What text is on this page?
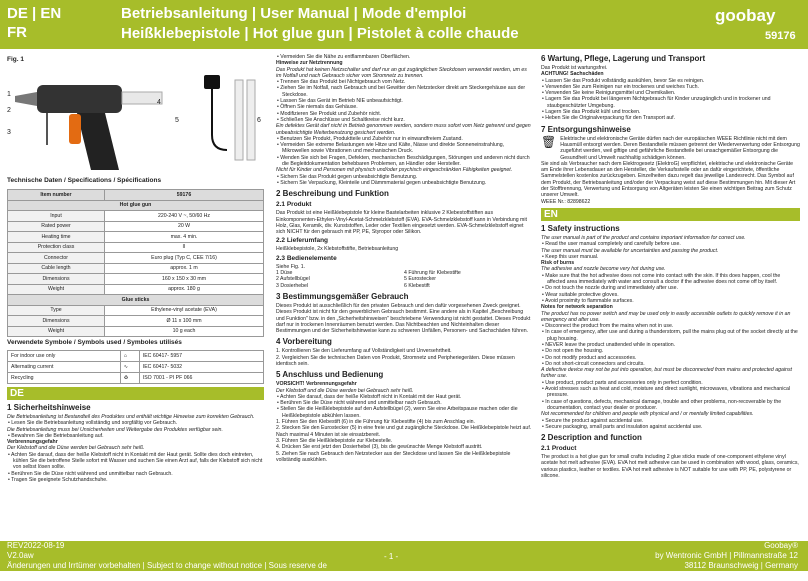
DE | EN
FR
Betriebsanleitung | User Manual | Mode d'emploi
Heißklebepistole | Hot glue gun | Pistolet à colle chaude
goobay
59176
Fig. 1
1
2
3
4
5	6
Technische Daten / Specifications / Spécifications
Item number	59176
Hot glue gun	
Input	220-240 V ~, 50/60 Hz
Rated power	20 W
Heating time	max. 4 min.
Protection class	II
Connector	Euro plug (Typ C, CEE 7/16)
Cable length	approx. 1 m
Dimensions	160 x 150 x 30 mm
Weight	approx. 180 g
Glue sticks	
Type	Ethylene-vinyl acetate (EVA)
Dimensions	Ø 11 x 100 mm
Weight	10 g each
Verwendete Symbole / Symbols used / Symboles utilisés
For indoor use only	⌂	IEC 60417- 5957
Alternating current	∿	IEC 60417- 5032
Recycling	♻	ISO 7001 - PI PF 066
DE
1 Sicherheitshinweise
Die Betriebsanleitung ist Bestandteil des Produktes und enthält wichtige Hinweise zum korrekten Gebrauch.
• Lesen Sie die Betriebsanleitung vollständig und sorgfältig vor Gebrauch.
Die Betriebsanleitung muss bei Unsicherheiten und Weitergabe des Produktes verfügbar sein.
• Bewahren Sie die Betriebsanleitung auf.
Verbrennungsgefahr
Der Klebstoff und die Düse werden bei Gebrauch sehr heiß.
• Achten Sie darauf, dass der heiße Klebstoff nicht in Kontakt mit der Haut gerät. Sollte dies doch eintreten, kühlen Sie die betroffene Stelle sofort mit Wasser und suchen Sie einen Arzt auf, falls der Klebstoff sich nicht von selbst lösen sollte.
• Berühren Sie die Düse nicht während und unmittelbar nach Gebrauch.
• Tragen Sie geeignete Schutzhandschuhe.
• Vermeiden Sie die Nähe zu entflammbaren Oberflächen.
Hinweise zur Netztrennung
Das Produkt hat keinen Netzschalter und darf nur an gut zugänglichen Steckdosen verwendet werden, um es im Notfall und nach Gebrauch sicher vom Stromnetz zu trennen.
• Trennen Sie das Produkt bei Nichtgebrauch vom Netz.
• Ziehen Sie im Notfall, nach Gebrauch und bei Gewitter den Netzstecker direkt am Steckergehäuse aus der Steckdose.
• Lassen Sie das Gerät im Betrieb NIE unbeaufsichtigt.
• Öffnen Sie niemals das Gehäuse.
• Modifizieren Sie Produkt und Zubehör nicht.
• Schließen Sie Anschlüsse und Schaltkreise nicht kurz.
Ein defektes Gerät darf nicht in Betrieb genommen werden, sondern muss sofort vom Netz getrennt und gegen unbeabsichtigte Weiterbenutzung gesichert werden.
• Benutzen Sie Produkt, Produktteile und Zubehör nur in einwandfreiem Zustand.
• Vermeiden Sie extreme Belastungen wie Hitze und Kälte, Nässe und direkte Sonneneinstrahlung, Mikrowellen sowie Vibrationen und mechanischen Druck.
• Wenden Sie sich bei Fragen, Defekten, mechanischen Beschädigungen, Störungen und anderen nicht durch die Begleitdokumentation behebbaren Problemen, an Händler oder Hersteller.
Nicht für Kinder und Personen mit physisch und/oder psychisch eingeschränkten Fähigkeiten geeignet.
• Sichern Sie das Produkt gegen unbeabsichtigte Benutzung.
• Sichern Sie Verpackung, Kleinteile und Dämmmaterial gegen unbeabsichtigte Benutzung.
2 Beschreibung und Funktion
2.1 Produkt
Das Produkt ist eine Heißklebepistole für kleine Bastelarbeiten inklusive 2 Klebestoffstiften aus Einkomponenten-Ethylen-Vinyl-Acetat-Schmelzklebstoff (EVA). EVA-Schmelzklebstoff kann in Verbindung mit Holz, Glas, Keramik, div. Kunststoffen, Leder oder Textilien eingesetzt werden. EVA-Schmelzklebstoff eignet sich NICHT für den gebrauch mit PP, PE, Styropor oder Silikon.
2.2 Lieferumfang
Heißklebepistole, 2x Klebstoffstifte, Betriebsanleitung
2.3 Bedienelemente
Siehe Fig. 1.
1 Düse	4 Führung für Klebestifte
2 Aufstellbügel	5 Eurostecker
3 Dosierhebel	6 Klebestift
3 Bestimmungsgemäßer Gebrauch
Dieses Produkt ist ausschließlich für den privaten Gebrauch und den dafür vorgesehenen Zweck geeignet. Dieses Produkt ist nicht für den gewerblichen Gebrauch bestimmt. Eine andere als in Kapitel „Beschreibung und Funktion" bzw. in den „Sicherheitshinweisen" beschriebene Verwendung ist nicht gestattet. Dieses Produkt darf nur in trockenen Innenräumen benutzt werden. Das Nichtbeachten und Nichteinhalten dieser Bestimmungen und der Sicherheitshinweise kann zu schweren Unfällen, Personen- und Sachschäden führen.
4 Vorbereitung
1. Kontrollieren Sie den Lieferumfang auf Vollständigkeit und Unversehrtheit.
2. Vergleichen Sie die technischen Daten von Produkt, Stromnetz und Peripheriegeräten. Diese müssen identisch sein.
5 Anschluss und Bedienung
VORSICHT! Verbrennungsgefahr
Der Klebstoff und die Düse werden bei Gebrauch sehr heiß.
• Achten Sie darauf, dass der heiße Klebstoff nicht in Kontakt mit der Haut gerät.
• Berühren Sie die Düse nicht während und unmittelbar nach Gebrauch.
• Stellen Sie die Heißklebepistole auf den Aufstellbügel (2), wenn Sie eine Arbeitspause machen oder die Heißklebepistole abkühlen lassen.
1. Führen Sie den Klebestift (6) in die Führung für Klebestifte (4) bis zum Anschlag ein.
2. Stecken Sie den Eurostecker (5) in eine freie und gut zugängliche Steckdose. Die Heißklebepistole heizt auf. Nach maximal 4 Minuten ist sie einsatzbereit.
3. Führen Sie die Heißklebepistole zur Klebestelle.
4. Drücken Sie erst jetzt den Dosierhebel (3), bis die gewünschte Menge Klebstoff austritt.
5. Ziehen Sie nach Gebrauch den Netzstecker aus der Steckdose und lassen Sie die Heißklebepistole vollständig auskühlen.
6 Wartung, Pflege, Lagerung und Transport
Das Produkt ist wartungsfrei.
ACHTUNG! Sachschäden
• Lassen Sie das Produkt vollständig auskühlen, bevor Sie es reinigen.
• Verwenden Sie zum Reinigen nur ein trockenes und weiches Tuch.
• Verwenden Sie keine Reinigungsmittel und Chemikalien.
• Lagern Sie das Produkt bei längerem Nichtgebrauch für Kinder unzugänglich und in trockener und staubgeschützter Umgebung.
• Lagern Sie das Produkt kühl und trocken.
• Heben Sie die Originalverpackung für den Transport auf.
7 Entsorgungshinweise
🗑 Elektrische und elektronische Geräte dürfen nach der europäischen WEEE Richtlinie nicht mit dem Hausmüll entsorgt werden. Deren Bestandteile müssen getrennt der Wiederverwertung oder Entsorgung zugeführt werden, weil giftige und gefährliche Bestandteile bei unsachgemäßer Entsorgung die Gesundheit und Umwelt nachhaltig schädigen können.
Sie sind als Verbraucher nach dem Elektrogesetz (ElektroG) verpflichtet, elektrische und elektronische Geräte am Ende ihrer Lebensdauer an den Hersteller, die Verkaufsstelle oder an dafür eingerichtete, öffentliche Sammelstellen kostenlos zurückzugeben. Einzelheiten dazu regelt das jeweilige Landesrecht. Das Symbol auf dem Produkt, der Betriebsanleitung und/oder der Verpackung weist auf diese Bestimmungen hin. Mit dieser Art der Stofftrennung, Verwertung und Entsorgung von Altgeräten leisten Sie einen wichtigen Beitrag zum Schutz unserer Umwelt.
WEEE Nr.: 82898622
EN
1 Safety instructions
The user manual is part of the product and contains important information for correct use.
• Read the user manual completely and carefully before use.
The user manual must be available for uncertainties and passing the product.
• Keep this user manual.
Risk of burns
The adhesive and nozzle become very hot during use.
• Make sure that the hot adhesive does not come into contact with the skin. If this does happen, cool the affected area immediately with water and consult a doctor if the adhesive does not come off by itself.
• Do not touch the nozzle during and immediately after use.
• Wear suitable protective gloves.
• Avoid proximity to flammable surfaces.
Notes for network separation
The product has no power switch and may be used only in easily accessible outlets to quickly remove it in an emergency and after use.
• Disconnect the product from the mains when not in use.
• In case of emergency, after use and during a thunderstorm, pull the mains plug out of the socket directly at the plug housing.
• NEVER leave the product unattended while in operation.
• Do not open the housing.
• Do not modify product and accessories.
• Do not short-circuit connectors and circuits.
A defective device may not be put into operation, but must be disconnected from mains and protected against further use.
• Use product, product parts and accessories only in perfect condition.
• Avoid stresses such as heat and cold, moisture and direct sunlight, microwaves, vibrations and mechanical pressure.
• In case of questions, defects, mechanical damage, trouble and other problems, non-recoverable by the documentation, contact your dealer or producer.
Not recommended for children and people with physical and / or mentally limited capabilities.
• Secure the product against accidental use.
• Secure packaging, small parts and insulation against accidental use.
2 Description and function
2.1 Product
The product is a hot glue gun for small crafts including 2 glue sticks made of one-component ethylene vinyl acetate hot melt adhesive (EVA). EVA hot melt adhesive can be used in combination with wood, glass, ceramics, various plastics, leather or textiles. EVA hot melt adhesive is NOT suitable for use with PP, PE, polystyrene or silicone.
REV2022-08-19
V2.0aw
Änderungen und Irrtümer vorbehalten | Subject to change without notice | Sous reserve de modifications.
- 1 -
Goobay®
by Wentronic GmbH | Pillmannstraße 12
38112 Braunschweig | Germany
